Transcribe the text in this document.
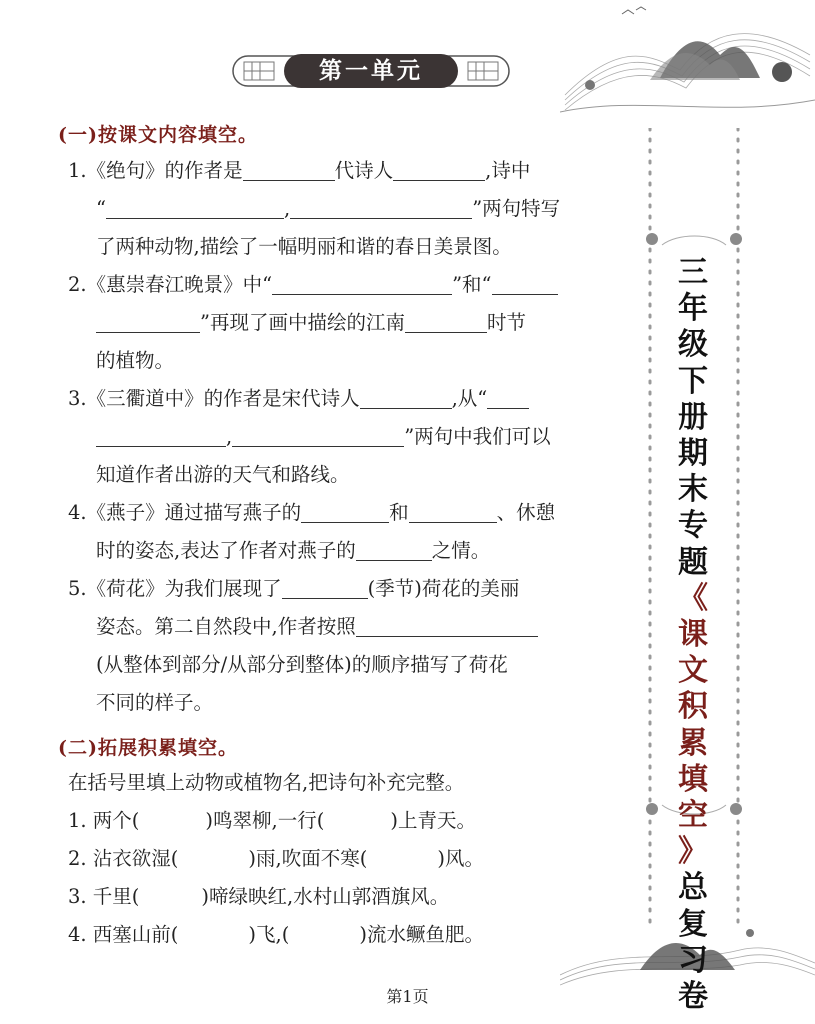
第一单元
三
年
级
下
册
期
末
专
题
《
课
文
积
累
填
空
》
总
复
习
卷
(一)按课文内容填空。
1.《绝句》的作者是	代诗人	,诗中
“	,	”两句特写
了两种动物,描绘了一幅明丽和谐的春日美景图。
2.《惠崇春江晚景》中“	”和“
”再现了画中描绘的江南	时节
的植物。
3.《三衢道中》的作者是宋代诗人	,从“
,	”两句中我们可以
知道作者出游的天气和路线。
4.《燕子》通过描写燕子的	和	、休憩
时的姿态,表达了作者对燕子的	之情。
5.《荷花》为我们展现了	(季节)荷花的美丽
姿态。第二自然段中,作者按照
(从整体到部分/从部分到整体)的顺序描写了荷花
不同的样子。
(二)拓展积累填空。
在括号里填上动物或植物名,把诗句补充完整。
1. 两个(	)鸣翠柳,一行(	)上青天。
2. 沾衣欲湿(	)雨,吹面不寒(	)风。
3. 千里(	)啼绿映红,水村山郭酒旗风。
4. 西塞山前(	)飞,(	)流水鳜鱼肥。
第1页
